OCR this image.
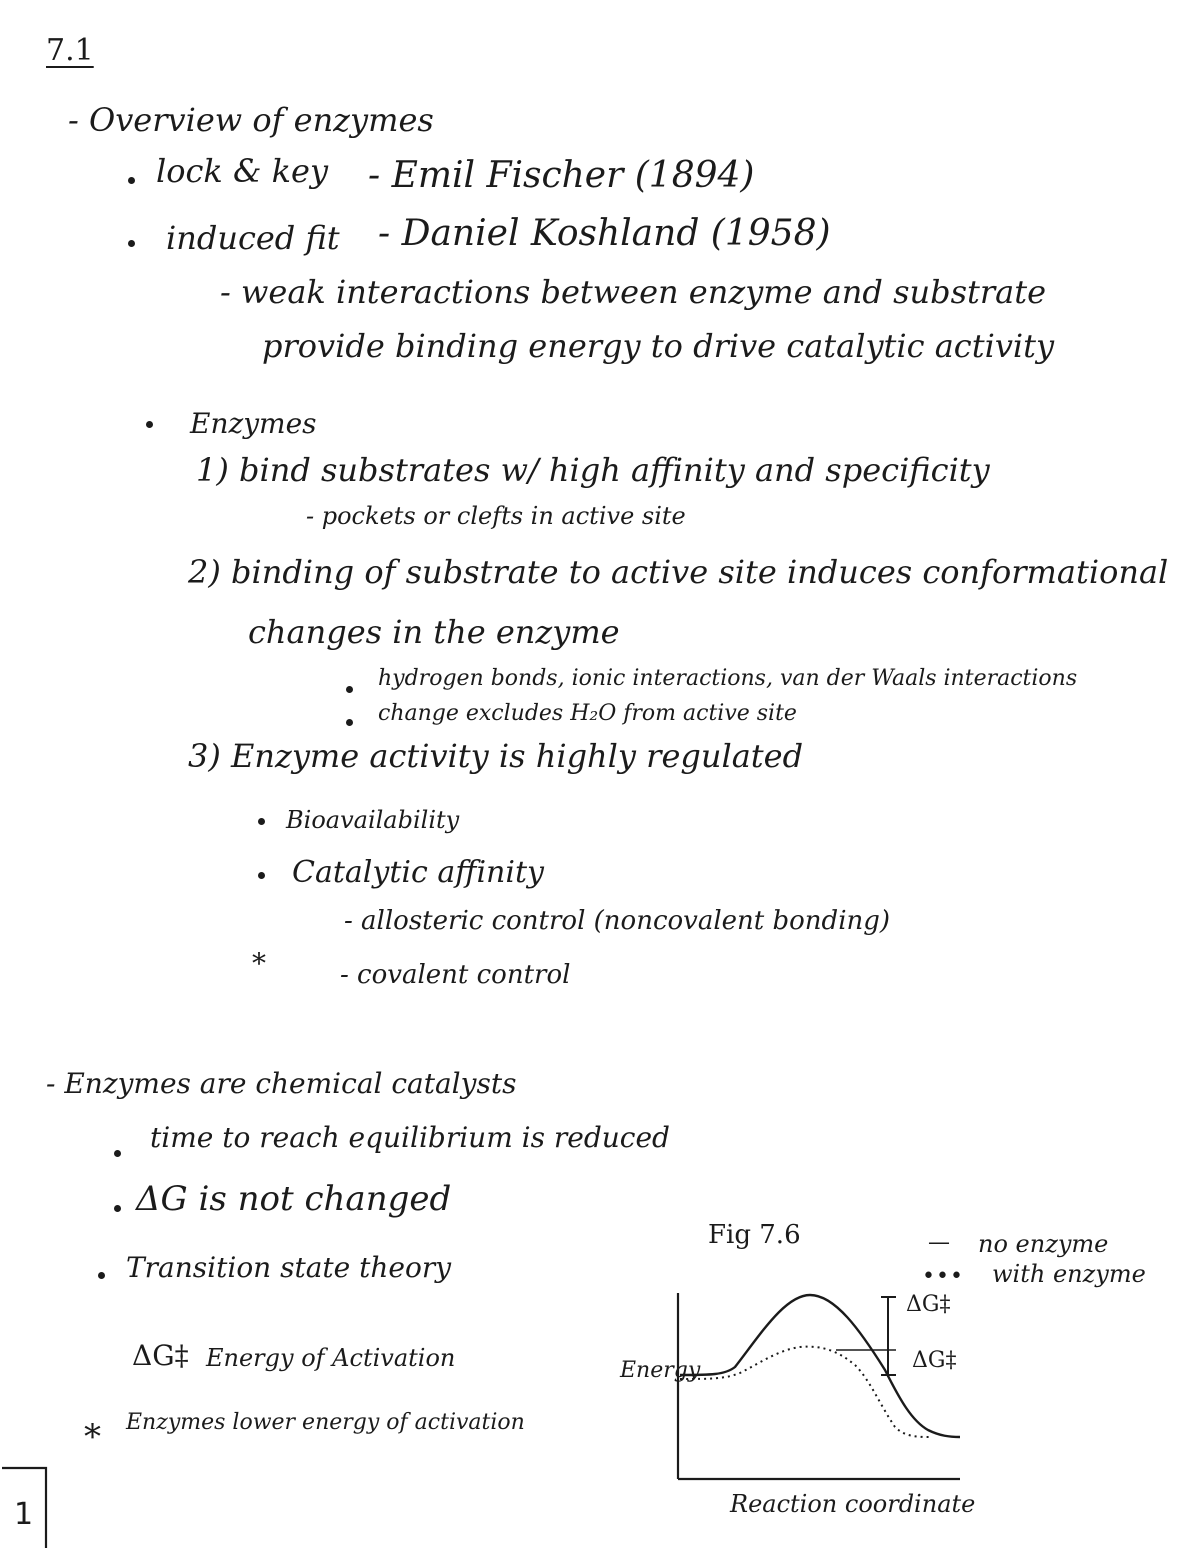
7.1
- Overview of enzymes
lock & key - Emil Fischer (1894)
induced fit - Daniel Koshland (1958)
- weak interactions between enzyme and substrate
provide binding energy to drive catalytic activity
Enzymes
1) bind substrates w/ high affinity and specificity
- pockets or clefts in active site
2) binding of substrate to active site induces conformational
changes in the enzyme
hydrogen bonds, ionic interactions, van der Waals interactions
change excludes H₂O from active site
3) Enzyme activity is highly regulated
Bioavailability
Catalytic affinity
- allosteric control (noncovalent bonding)
*	- covalent control
- Enzymes are chemical catalysts
time to reach equilibrium is reduced
ΔG is not changed
Transition state theory
ΔG‡ Energy of Activation
* Enzymes lower energy of activation
Fig 7.6	— no enzyme
••• with enzyme
ΔG‡
ΔG‡
Energy
Reaction coordinate
1
